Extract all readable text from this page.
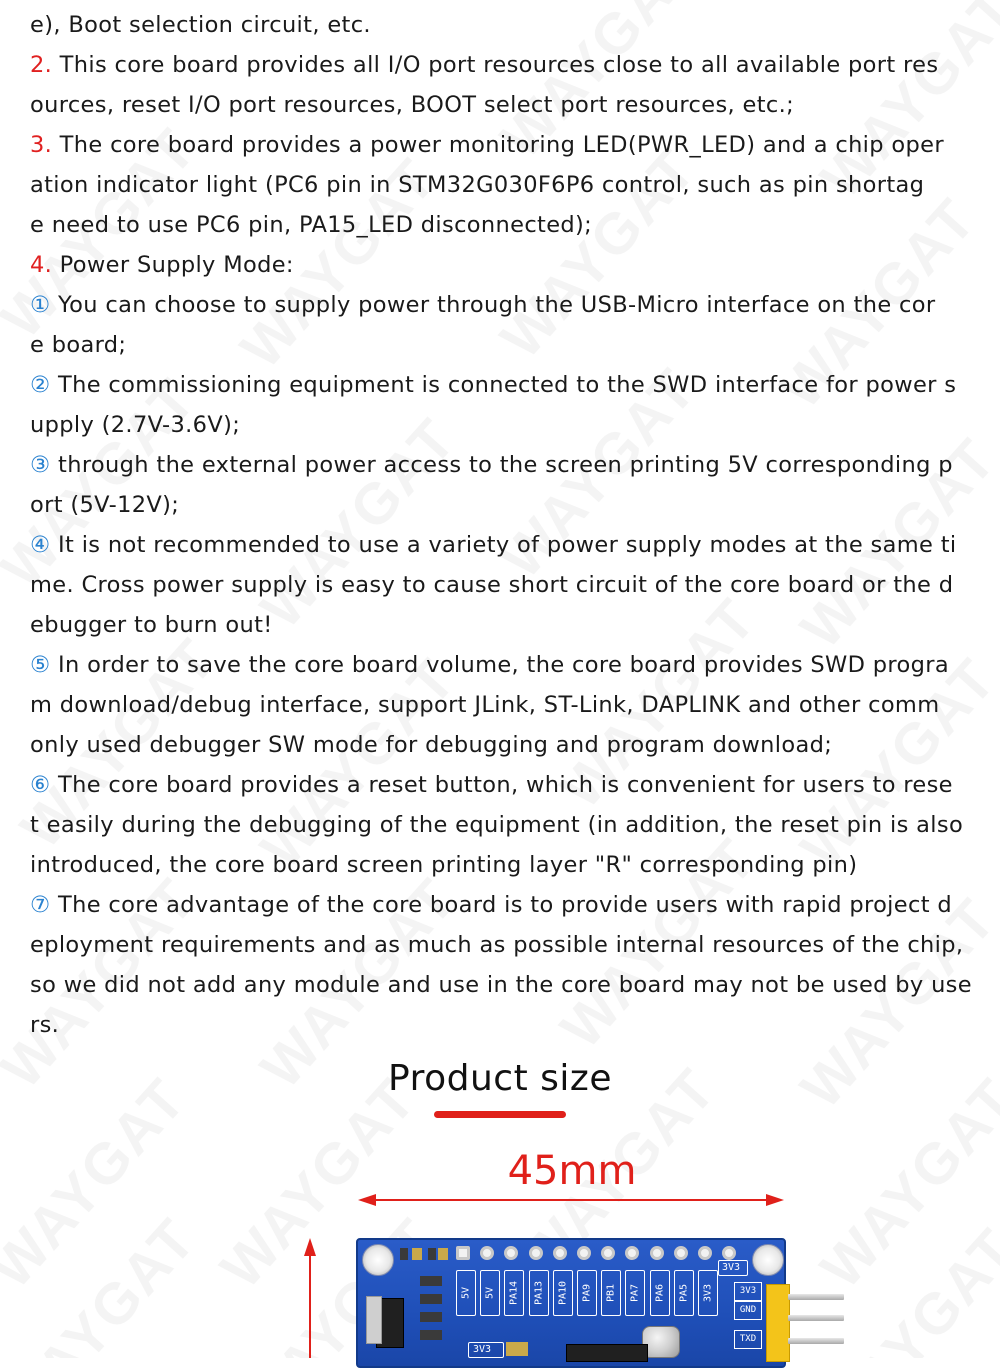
e), Boot selection circuit, etc.
2. This core board provides all I/O port resources close to all available port res
ources, reset I/O port resources, BOOT select port resources, etc.;
3. The core board provides a power monitoring LED(PWR_LED) and a chip oper
ation indicator light (PC6 pin in STM32G030F6P6 control, such as pin shortag
e need to use PC6 pin, PA15_LED disconnected);
4. Power Supply Mode:
① You can choose to supply power through the USB-Micro interface on the cor
e board;
② The commissioning equipment is connected to the SWD interface for power s
upply (2.7V-3.6V);
③ through the external power access to the screen printing 5V corresponding p
ort (5V-12V);
④ It is not recommended to use a variety of power supply modes at the same ti
me. Cross power supply is easy to cause short circuit of the core board or the d
ebugger to burn out!
⑤ In order to save the core board volume, the core board provides SWD progra
m download/debug interface, support JLink, ST-Link, DAPLINK and other comm
only used debugger SW mode for debugging and program download;
⑥ The core board provides a reset button, which is convenient for users to rese
t easily during the debugging of the equipment (in addition, the reset pin is also
introduced, the core board screen printing layer "R" corresponding pin)
⑦ The core advantage of the core board is to provide users with rapid project d
eployment requirements and as much as possible internal resources of the chip,
so we did not add any module and use in the core board may not be used by use
rs.
Product size
45mm
5V 5V PA14 PA13 PA10 PA9 PB1 PA7 PA6 PA5 3V3
3V3
3V3
GND
TXD
3V3
